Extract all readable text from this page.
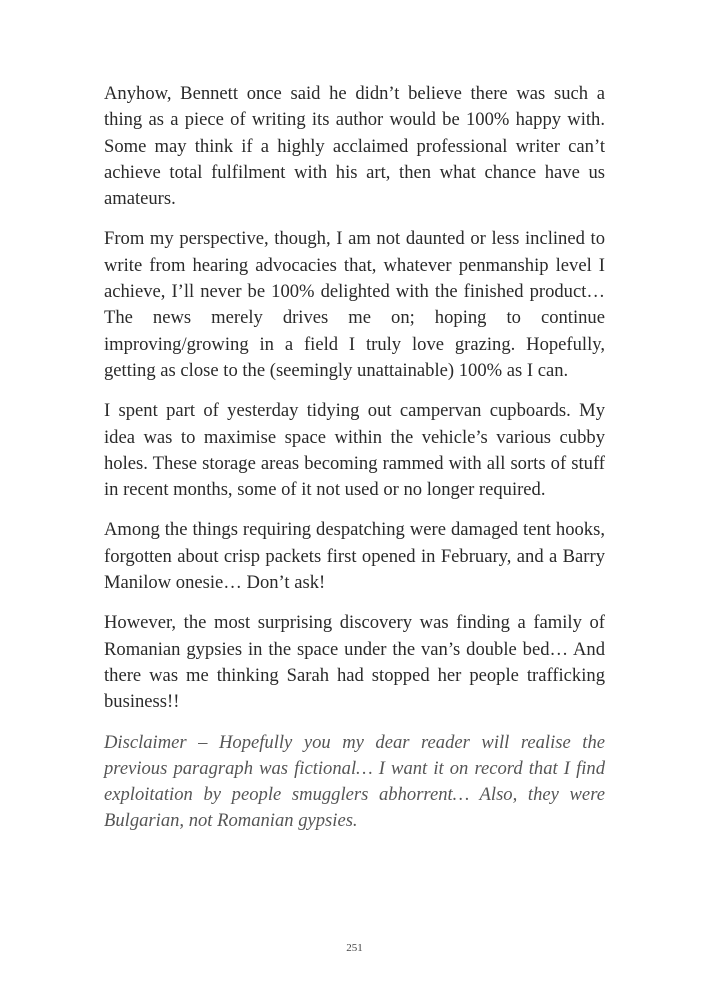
Anyhow, Bennett once said he didn’t believe there was such a thing as a piece of writing its author would be 100% happy with. Some may think if a highly acclaimed professional writer can’t achieve total fulfilment with his art, then what chance have us amateurs.

From my perspective, though, I am not daunted or less inclined to write from hearing advocacies that, whatever penmanship level I achieve, I’ll never be 100% delighted with the finished product… The news merely drives me on; hoping to continue improving/growing in a field I truly love grazing. Hopefully, getting as close to the (seemingly unattainable) 100% as I can.

I spent part of yesterday tidying out campervan cupboards. My idea was to maximise space within the vehicle’s various cubby holes. These storage areas becoming rammed with all sorts of stuff in recent months, some of it not used or no longer required.

Among the things requiring despatching were damaged tent hooks, forgotten about crisp packets first opened in February, and a Barry Manilow onesie… Don’t ask!

However, the most surprising discovery was finding a family of Romanian gypsies in the space under the van’s double bed… And there was me thinking Sarah had stopped her people trafficking business!!

Disclaimer – Hopefully you my dear reader will realise the previous paragraph was fictional… I want it on record that I find exploitation by people smugglers abhorrent… Also, they were Bulgarian, not Romanian gypsies.

251
